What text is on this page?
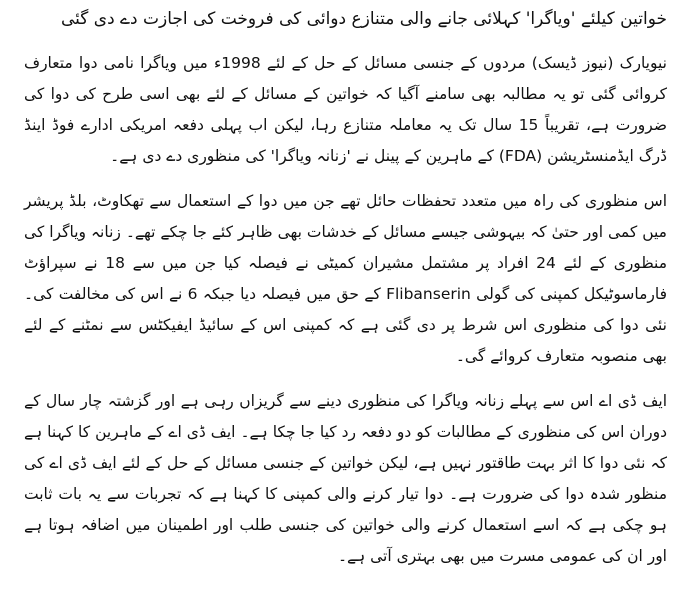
خواتین کیلئے 'ویاگرا' کہلائی جانے والی متنازع دوائی کی فروخت کی اجازت دے دی گئی

نیویارک (نیوز ڈیسک) مردوں کے جنسی مسائل کے حل کے لئے 1998ء میں ویاگرا نامی دوا متعارف کروائی گئی تو یہ مطالبہ بھی سامنے آگیا کہ خواتین کے مسائل کے لئے بھی اسی طرح کی دوا کی ضرورت ہے، تقریباً 15 سال تک یہ معاملہ متنازع رہا، لیکن اب پہلی دفعہ امریکی ادارے فوڈ اینڈ ڈرگ ایڈمنسٹریشن (FDA) کے ماہرین کے پینل نے 'زنانہ ویاگرا' کی منظوری دے دی ہے۔

اس منظوری کی راہ میں متعدد تحفظات حائل تھے جن میں دوا کے استعمال سے تھکاوٹ، بلڈ پریشر میں کمی اور حتیٰ کہ بیہوشی جیسے مسائل کے خدشات بھی ظاہر کئے جا چکے تھے۔ زنانہ ویاگرا کی منظوری کے لئے 24 افراد پر مشتمل مشیران کمیٹی نے فیصلہ کیا جن میں سے 18 نے سپراؤٹ فارماسوٹیکل کمپنی کی گولی Flibanserin کے حق میں فیصلہ دیا جبکہ 6 نے اس کی مخالفت کی۔ نئی دوا کی منظوری اس شرط پر دی گئی ہے کہ کمپنی اس کے سائیڈ ایفیکٹس سے نمٹنے کے لئے بھی منصوبہ متعارف کروائے گی۔

ایف ڈی اے اس سے پہلے زنانہ ویاگرا کی منظوری دینے سے گریزاں رہی ہے اور گزشتہ چار سال کے دوران اس کی منظوری کے مطالبات کو دو دفعہ رد کیا جا چکا ہے۔ ایف ڈی اے کے ماہرین کا کہنا ہے کہ نئی دوا کا اثر بہت طاقتور نہیں ہے، لیکن خواتین کے جنسی مسائل کے حل کے لئے ایف ڈی اے کی منظور شدہ دوا کی ضرورت ہے۔ دوا تیار کرنے والی کمپنی کا کہنا ہے کہ تجربات سے یہ بات ثابت ہو چکی ہے کہ اسے استعمال کرنے والی خواتین کی جنسی طلب اور اطمینان میں اضافہ ہوتا ہے اور ان کی عمومی مسرت میں بھی بہتری آتی ہے۔
